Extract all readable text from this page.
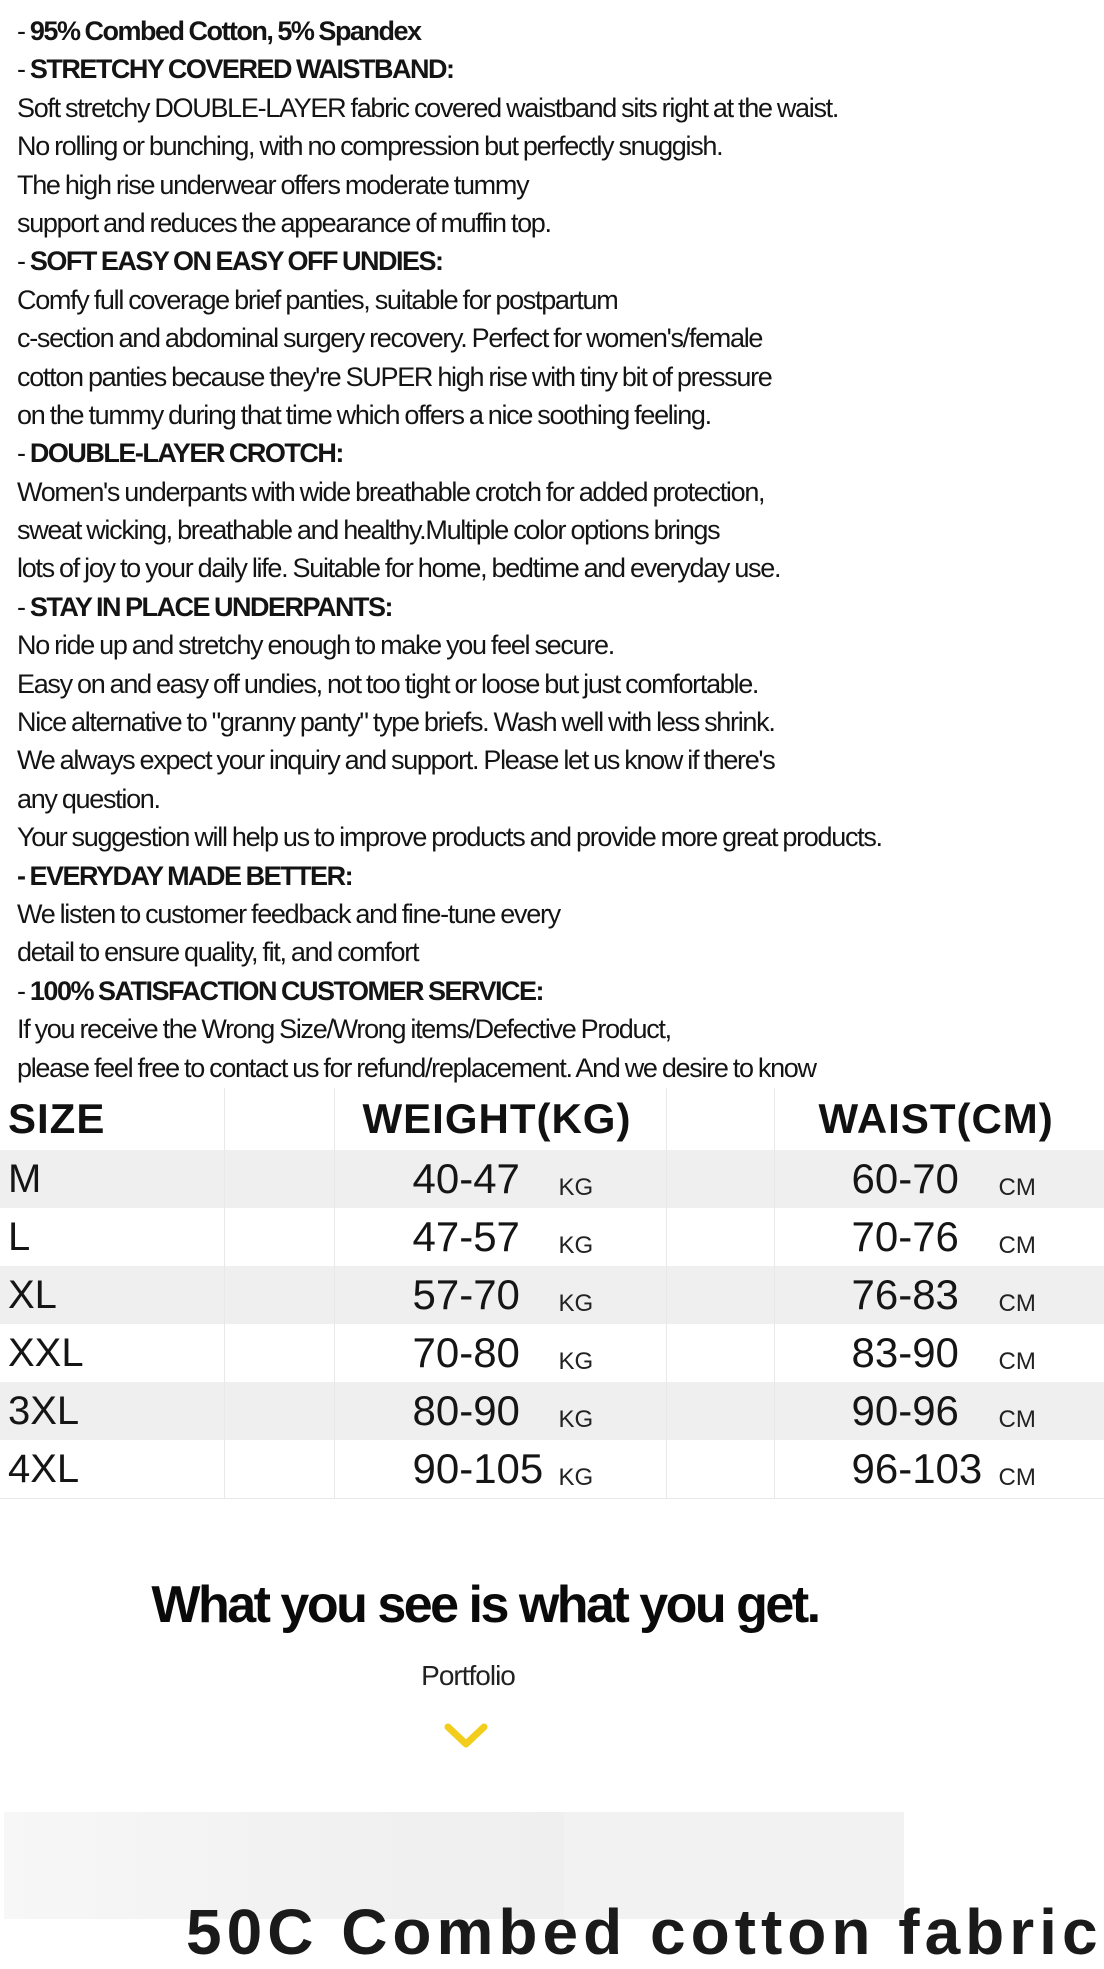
- 95% Combed Cotton, 5% Spandex
- STRETCHY COVERED WAISTBAND:
Soft stretchy DOUBLE-LAYER fabric covered waistband sits right at the waist.
No rolling or bunching, with no compression but perfectly snuggish.
The high rise underwear offers moderate tummy
support and reduces the appearance of muffin top.
- SOFT EASY ON EASY OFF UNDIES:
Comfy full coverage brief panties, suitable for postpartum
c-section and abdominal surgery recovery. Perfect for women's/female
cotton panties because they're SUPER high rise with tiny bit of pressure
on the tummy during that time which offers a nice soothing feeling.
- DOUBLE-LAYER CROTCH:
Women's underpants with wide breathable crotch for added protection,
sweat wicking, breathable and healthy.Multiple color options brings
lots of joy to your daily life. Suitable for home, bedtime and everyday use.
- STAY IN PLACE UNDERPANTS:
No ride up and stretchy enough to make you feel secure.
Easy on and easy off undies, not too tight or loose but just comfortable.
Nice alternative to "granny panty" type briefs. Wash well with less shrink.
We always expect your inquiry and support. Please let us know if there's
any question.
Your suggestion will help us to improve products and provide more great products.
- EVERYDAY MADE BETTER:
We listen to customer feedback and fine-tune every
detail to ensure quality, fit, and comfort
- 100% SATISFACTION CUSTOMER SERVICE:
If you receive the Wrong Size/Wrong items/Defective Product,
please feel free to contact us for refund/replacement. And we desire to know
SIZE		WEIGHT(KG)		WAIST(CM)
M		40-47 KG		60-70 CM
L		47-57 KG		70-76 CM
XL		57-70 KG		76-83 CM
XXL		70-80 KG		83-90 CM
3XL		80-90 KG		90-96 CM
4XL		90-105 KG		96-103 CM
What you see is what you get.
Portfolio
50C Combed cotton fabric
